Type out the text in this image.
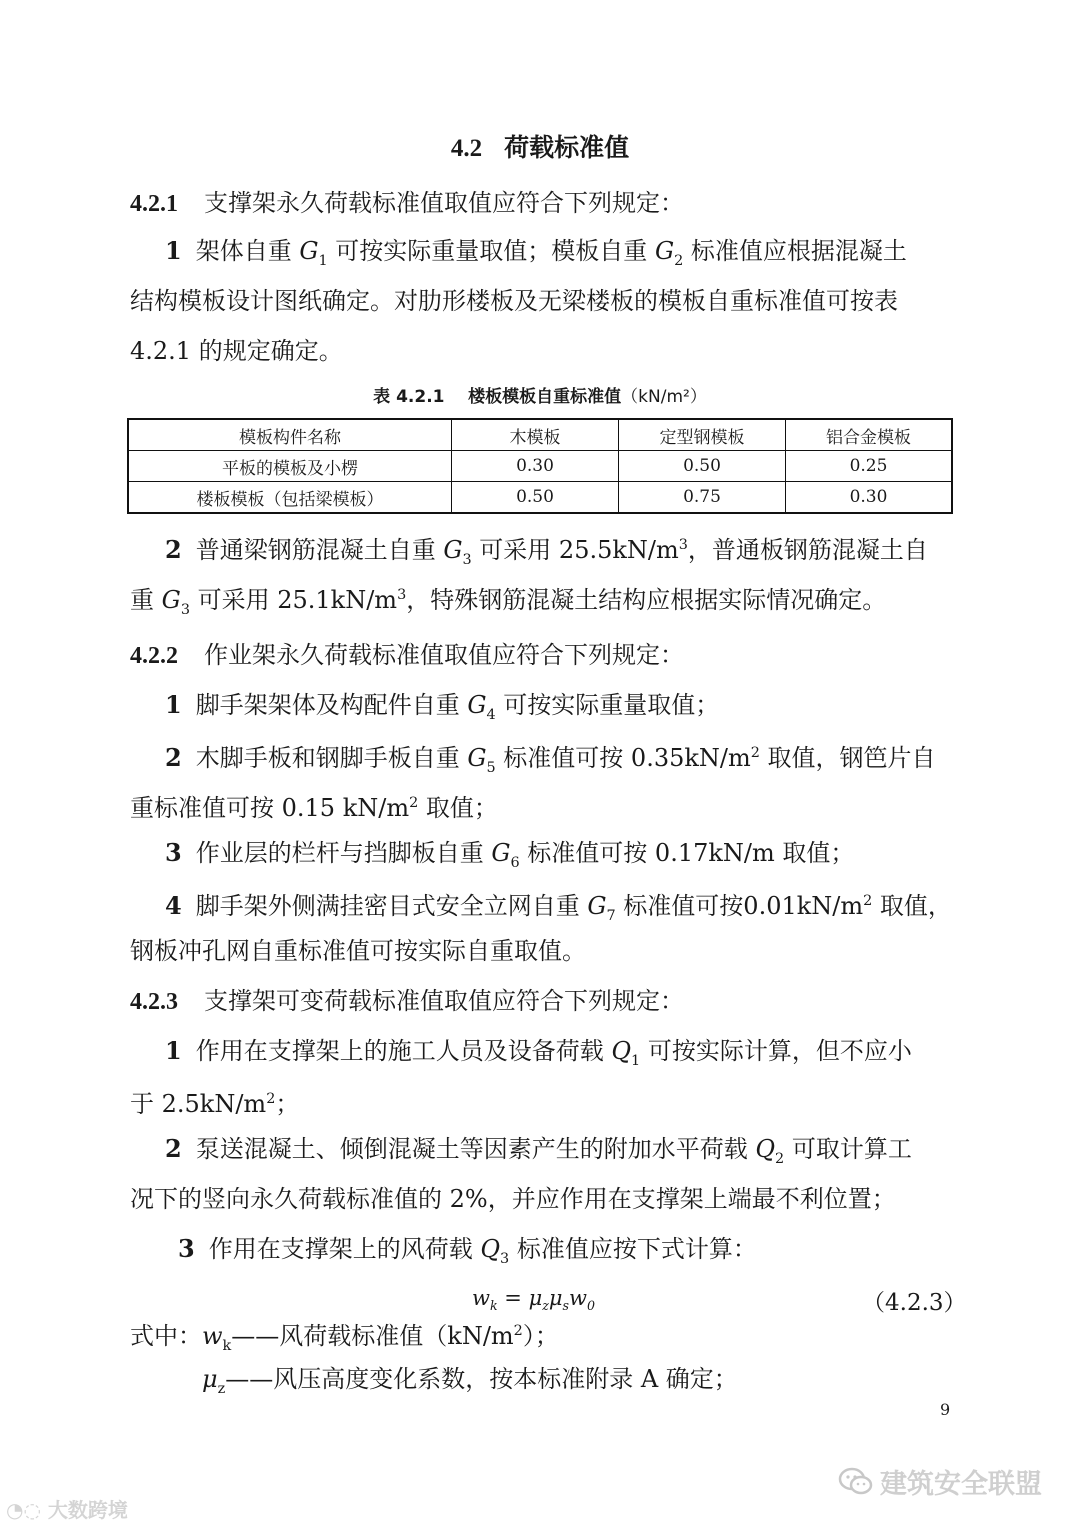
4.2 荷载标准值
4.2.1 支撑架永久荷载标准值取值应符合下列规定：
1 架体自重 $G_1$ 可按实际重量取值；模板自重 $G_2$ 标准值应根据混凝土
结构模板设计图纸确定。对肋形楼板及无梁楼板的模板自重标准值可按表
4.2.1 的规定确定。
表 4.2.1 楼板模板自重标准值（kN/m²）
模板构件名称	木模板	定型钢模板	铝合金模板
平板的模板及小楞	0.30	0.50	0.25
楼板模板（包括梁模板）	0.50	0.75	0.30
2 普通梁钢筋混凝土自重 $G_3$ 可采用 $25.5kN/m^3$，普通板钢筋混凝土自
重 $G_3$ 可采用 $25.1kN/m^3$，特殊钢筋混凝土结构应根据实际情况确定。
4.2.2 作业架永久荷载标准值取值应符合下列规定：
1 脚手架架体及构配件自重 $G_4$ 可按实际重量取值；
2 木脚手板和钢脚手板自重 $G_5$ 标准值可按 $0.35kN/m^2$ 取值，钢笆片自
重标准值可按 0.15 $kN/m^2$ 取值；
3 作业层的栏杆与挡脚板自重 $G_6$ 标准值可按 0.17kN/m 取值；
4 脚手架外侧满挂密目式安全立网自重 $G_7$ 标准值可按$0.01kN/m^2$ 取值，
钢板冲孔网自重标准值可按实际自重取值。
4.2.3 支撑架可变荷载标准值取值应符合下列规定：
1 作用在支撑架上的施工人员及设备荷载 $Q_1$ 可按实际计算，但不应小
于 $2.5kN/m^2$；
2 泵送混凝土、倾倒混凝土等因素产生的附加水平荷载 $Q_2$ 可取计算工
况下的竖向永久荷载标准值的 2%，并应作用在支撑架上端最不利位置；
3 作用在支撑架上的风荷载 $Q_3$ 标准值应按下式计算：
$w_k = \mu_z\mu_sw_0$	（4.2.3）
式中：$w_k——$风荷载标准值$(kN/m^2)$；
$\mu_z——$风压高度变化系数，按本标准附录 A 确定；
9
◔◌ 大数跨境
建筑安全联盟
